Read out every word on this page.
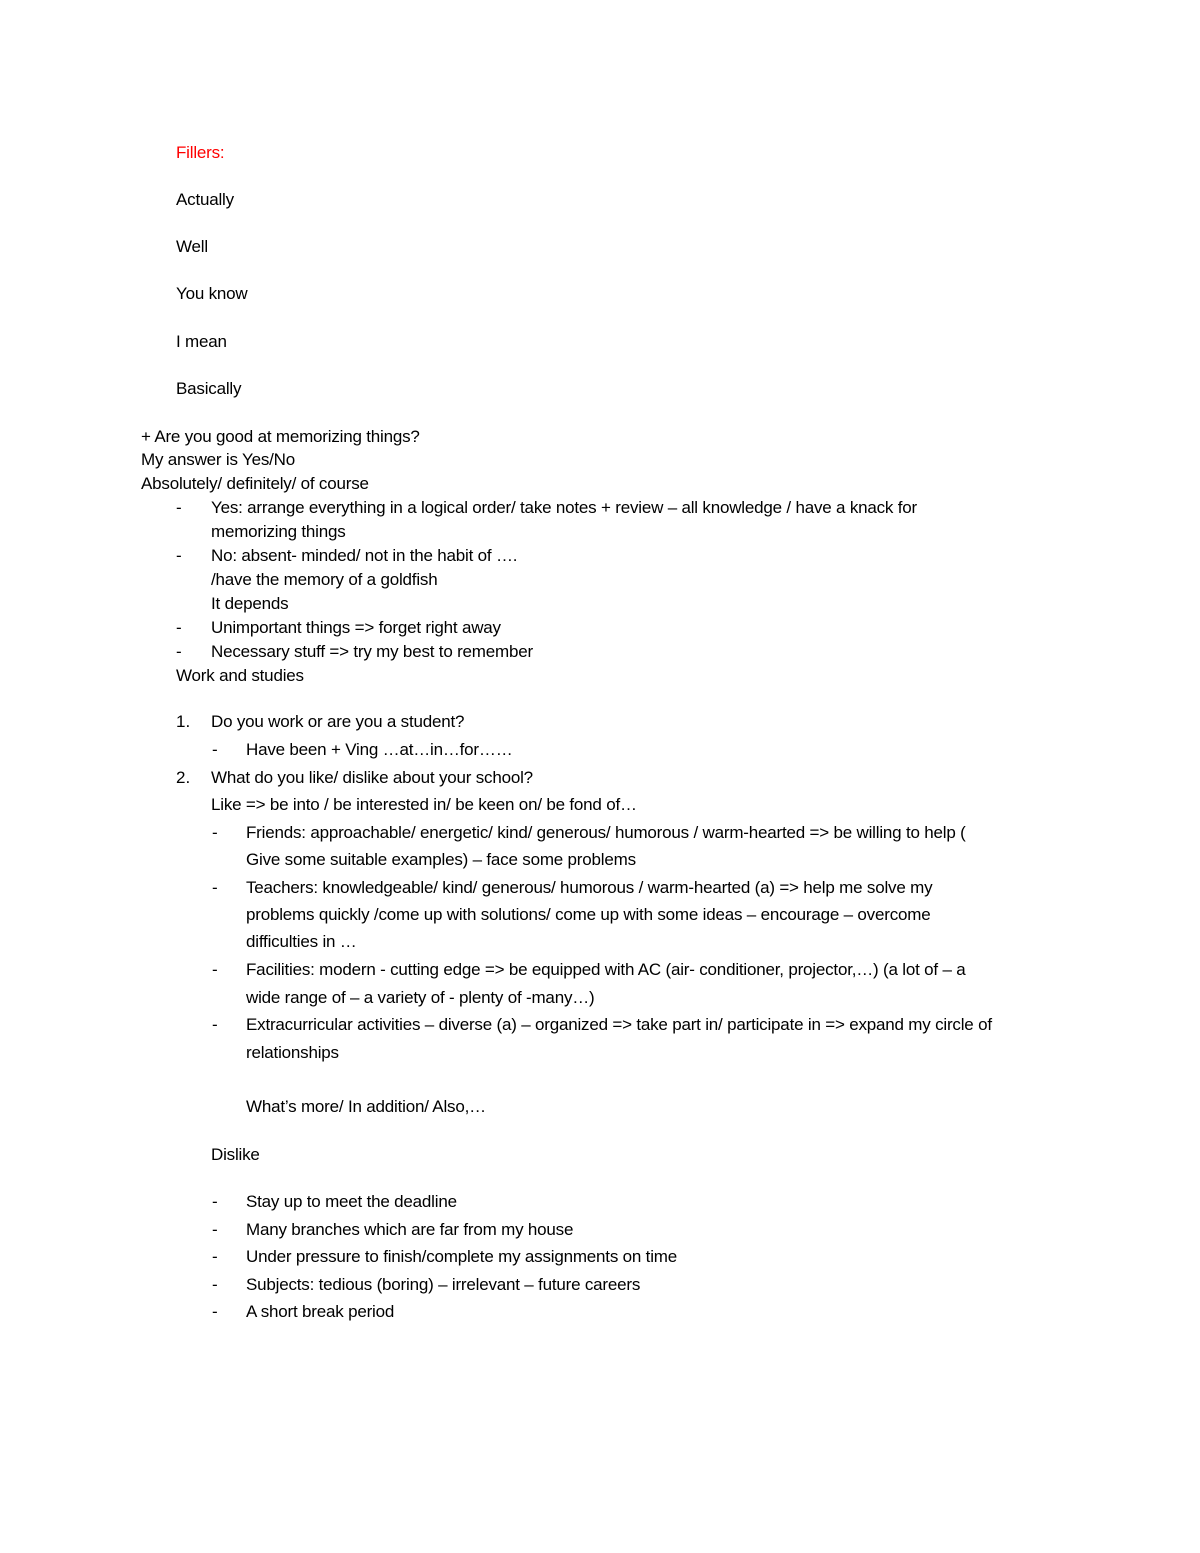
Fillers:
Actually
Well
You know
I mean
Basically
+ Are you good at memorizing things?
My answer is Yes/No
Absolutely/ definitely/ of course
- Yes: arrange everything in a logical order/ take notes + review – all knowledge / have a knack for
memorizing things
- No: absent- minded/ not in the habit of ….
/have the memory of a goldfish
It depends
- Unimportant things => forget right away
- Necessary stuff => try my best to remember
Work and studies
1. Do you work or are you a student?
- Have been + Ving …at…in…for……
2. What do you like/ dislike about your school?
Like => be into / be interested in/ be keen on/ be fond of…
- Friends: approachable/ energetic/ kind/ generous/ humorous / warm-hearted => be willing to help (
Give some suitable examples) – face some problems
- Teachers: knowledgeable/ kind/ generous/ humorous / warm-hearted (a) => help me solve my
problems quickly /come up with solutions/ come up with some ideas – encourage – overcome
difficulties in …
- Facilities: modern - cutting edge => be equipped with AC (air- conditioner, projector,…) (a lot of – a
wide range of – a variety of - plenty of -many…)
- Extracurricular activities – diverse (a) – organized => take part in/ participate in => expand my circle of
relationships
What’s more/ In addition/ Also,…
Dislike
- Stay up to meet the deadline
- Many branches which are far from my house
- Under pressure to finish/complete my assignments on time
- Subjects: tedious (boring) – irrelevant – future careers
- A short break period
